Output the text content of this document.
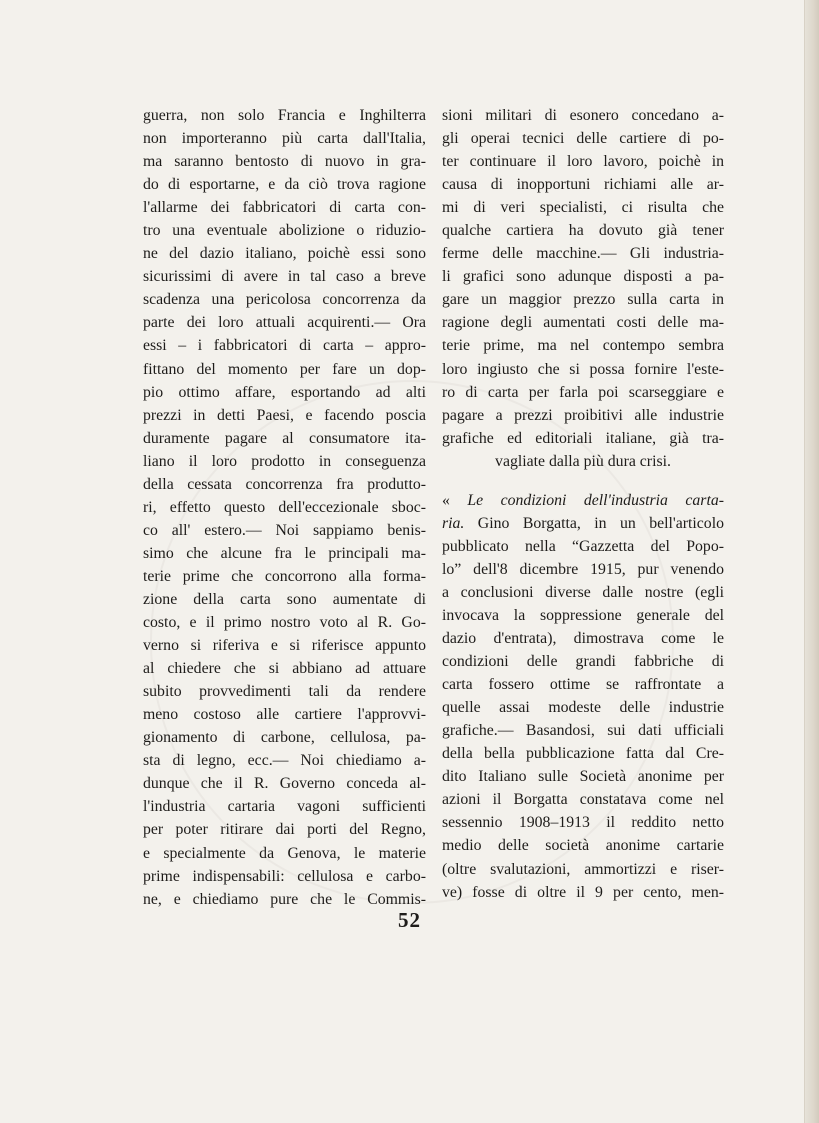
guerra, non solo Francia e Inghilterra
non importeranno più carta dall'Italia,
ma saranno bentosto di nuovo in gra-
do di esportarne, e da ciò trova ragione
l'allarme dei fabbricatori di carta con-
tro una eventuale abolizione o riduzio-
ne del dazio italiano, poichè essi sono
sicurissimi di avere in tal caso a breve
scadenza una pericolosa concorrenza da
parte dei loro attuali acquirenti.— Ora
essi – i fabbricatori di carta – appro-
fittano del momento per fare un dop-
pio ottimo affare, esportando ad alti
prezzi in detti Paesi, e facendo poscia
duramente pagare al consumatore ita-
liano il loro prodotto in conseguenza
della cessata concorrenza fra produtto-
ri, effetto questo dell'eccezionale sboc-
co all' estero.— Noi sappiamo benis-
simo che alcune fra le principali ma-
terie prime che concorrono alla forma-
zione della carta sono aumentate di
costo, e il primo nostro voto al R. Go-
verno si riferiva e si riferisce appunto
al chiedere che si abbiano ad attuare
subito provvedimenti tali da rendere
meno costoso alle cartiere l'approvvi-
gionamento di carbone, cellulosa, pa-
sta di legno, ecc.— Noi chiediamo a-
dunque che il R. Governo conceda al-
l'industria cartaria vagoni sufficienti
per poter ritirare dai porti del Regno,
e specialmente da Genova, le materie
prime indispensabili: cellulosa e carbo-
ne, e chiediamo pure che le Commis-
sioni militari di esonero concedano a-
gli operai tecnici delle cartiere di po-
ter continuare il loro lavoro, poichè in
causa di inopportuni richiami alle ar-
mi di veri specialisti, ci risulta che
qualche cartiera ha dovuto già tener
ferme delle macchine.— Gli industria-
li grafici sono adunque disposti a pa-
gare un maggior prezzo sulla carta in
ragione degli aumentati costi delle ma-
terie prime, ma nel contempo sembra
loro ingiusto che si possa fornire l'este-
ro di carta per farla poi scarseggiare e
pagare a prezzi proibitivi alle industrie
grafiche ed editoriali italiane, già tra-
vagliate dalla più dura crisi.
« Le condizioni dell'industria carta-
ria. Gino Borgatta, in un bell'articolo
pubblicato nella “Gazzetta del Popo-
lo” dell'8 dicembre 1915, pur venendo
a conclusioni diverse dalle nostre (egli
invocava la soppressione generale del
dazio d'entrata), dimostrava come le
condizioni delle grandi fabbriche di
carta fossero ottime se raffrontate a
quelle assai modeste delle industrie
grafiche.— Basandosi, sui dati ufficiali
della bella pubblicazione fatta dal Cre-
dito Italiano sulle Società anonime per
azioni il Borgatta constatava come nel
sessennio 1908–1913 il reddito netto
medio delle società anonime cartarie
(oltre svalutazioni, ammortizzi e riser-
ve) fosse di oltre il 9 per cento, men-
52
